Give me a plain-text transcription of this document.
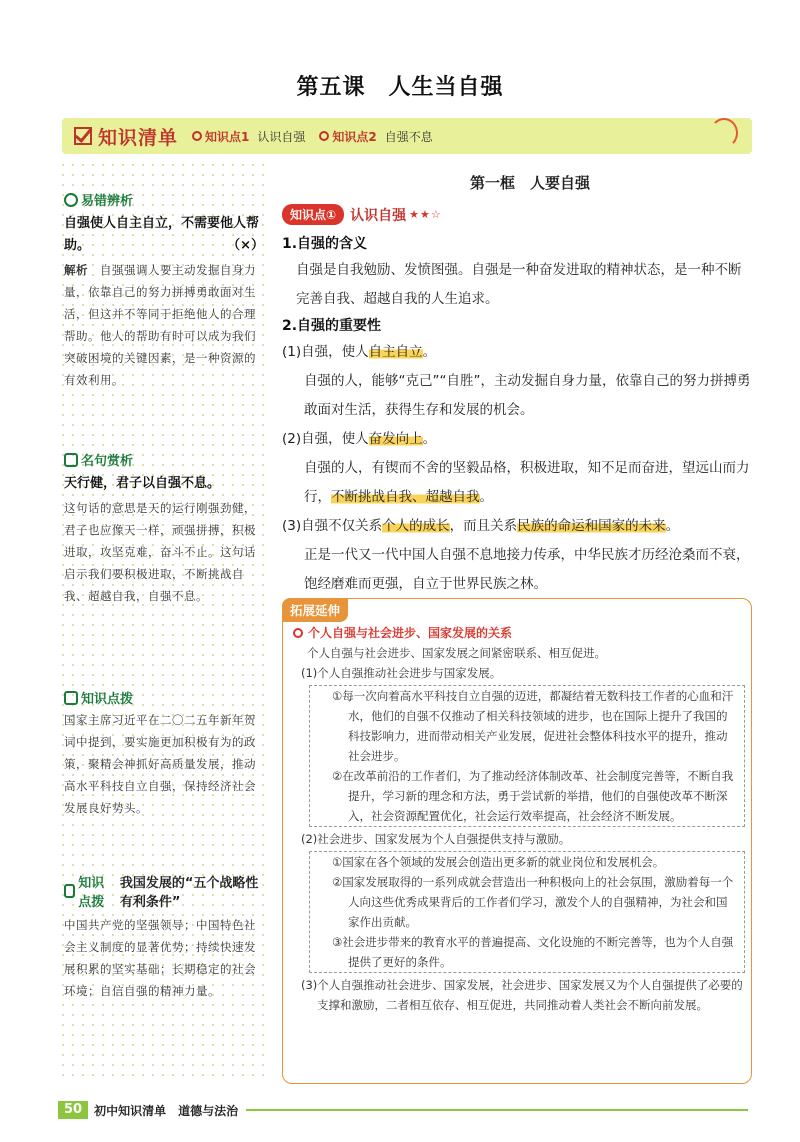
第五课　人生当自强
知识清单 知识点1 认识自强 知识点2 自强不息
易错辨析
自强使人自主自立，不需要他人帮助。	（×）
解析　 自强强调人要主动发掘自身力量，依靠自己的努力拼搏勇敢面对生活，但这并不等同于拒绝他人的合理帮助。他人的帮助有时可以成为我们突破困境的关键因素，是一种资源的有效利用。
名句赏析
天行健，君子以自强不息。
这句话的意思是天的运行刚强劲健，君子也应像天一样，顽强拼搏，积极进取，攻坚克难，奋斗不止。这句话启示我们要积极进取，不断挑战自我、超越自我，自强不息。
知识点拨
国家主席习近平在二〇二五年新年贺词中提到，要实施更加积极有为的政策，聚精会神抓好高质量发展，推动高水平科技自立自强，保持经济社会发展良好势头。
知识点拨
我国发展的“五个战略性有利条件”
中国共产党的坚强领导；中国特色社会主义制度的显著优势；持续快速发展积累的坚实基础；长期稳定的社会环境；自信自强的精神力量。
第一框　人要自强
知识点①	认识自强 ★★☆
1.自强的含义
自强是自我勉励、发愤图强。自强是一种奋发进取的精神状态，是一种不断完善自我、超越自我的人生追求。
2.自强的重要性
(1)自强，使人自主自立。
自强的人，能够“克己”“自胜”，主动发掘自身力量，依靠自己的努力拼搏勇敢面对生活，获得生存和发展的机会。
(2)自强，使人奋发向上。
自强的人，有锲而不舍的坚毅品格，积极进取，知不足而奋进，望远山而力行，不断挑战自我、超越自我。
(3)自强不仅关系个人的成长，而且关系民族的命运和国家的未来。
正是一代又一代中国人自强不息地接力传承，中华民族才历经沧桑而不衰，饱经磨难而更强，自立于世界民族之林。
拓展延伸
个人自强与社会进步、国家发展的关系
个人自强与社会进步、国家发展之间紧密联系、相互促进。
(1)个人自强推动社会进步与国家发展。
①每一次向着高水平科技自立自强的迈进，都凝结着无数科技工作者的心血和汗水，他们的自强不仅推动了相关科技领域的进步，也在国际上提升了我国的科技影响力，进而带动相关产业发展，促进社会整体科技水平的提升，推动社会进步。
②在改革前沿的工作者们，为了推动经济体制改革、社会制度完善等，不断自我提升，学习新的理念和方法，勇于尝试新的举措，他们的自强使改革不断深入，社会资源配置优化，社会运行效率提高，社会经济不断发展。
(2)社会进步、国家发展为个人自强提供支持与激励。
①国家在各个领域的发展会创造出更多新的就业岗位和发展机会。
②国家发展取得的一系列成就会营造出一种积极向上的社会氛围，激励着每一个人向这些优秀成果背后的工作者们学习，激发个人的自强精神，为社会和国家作出贡献。
③社会进步带来的教育水平的普遍提高、文化设施的不断完善等，也为个人自强提供了更好的条件。
(3)个人自强推动社会进步、国家发展，社会进步、国家发展又为个人自强提供了必要的支撑和激励，二者相互依存、相互促进，共同推动着人类社会不断向前发展。
50	初中知识清单　道德与法治
